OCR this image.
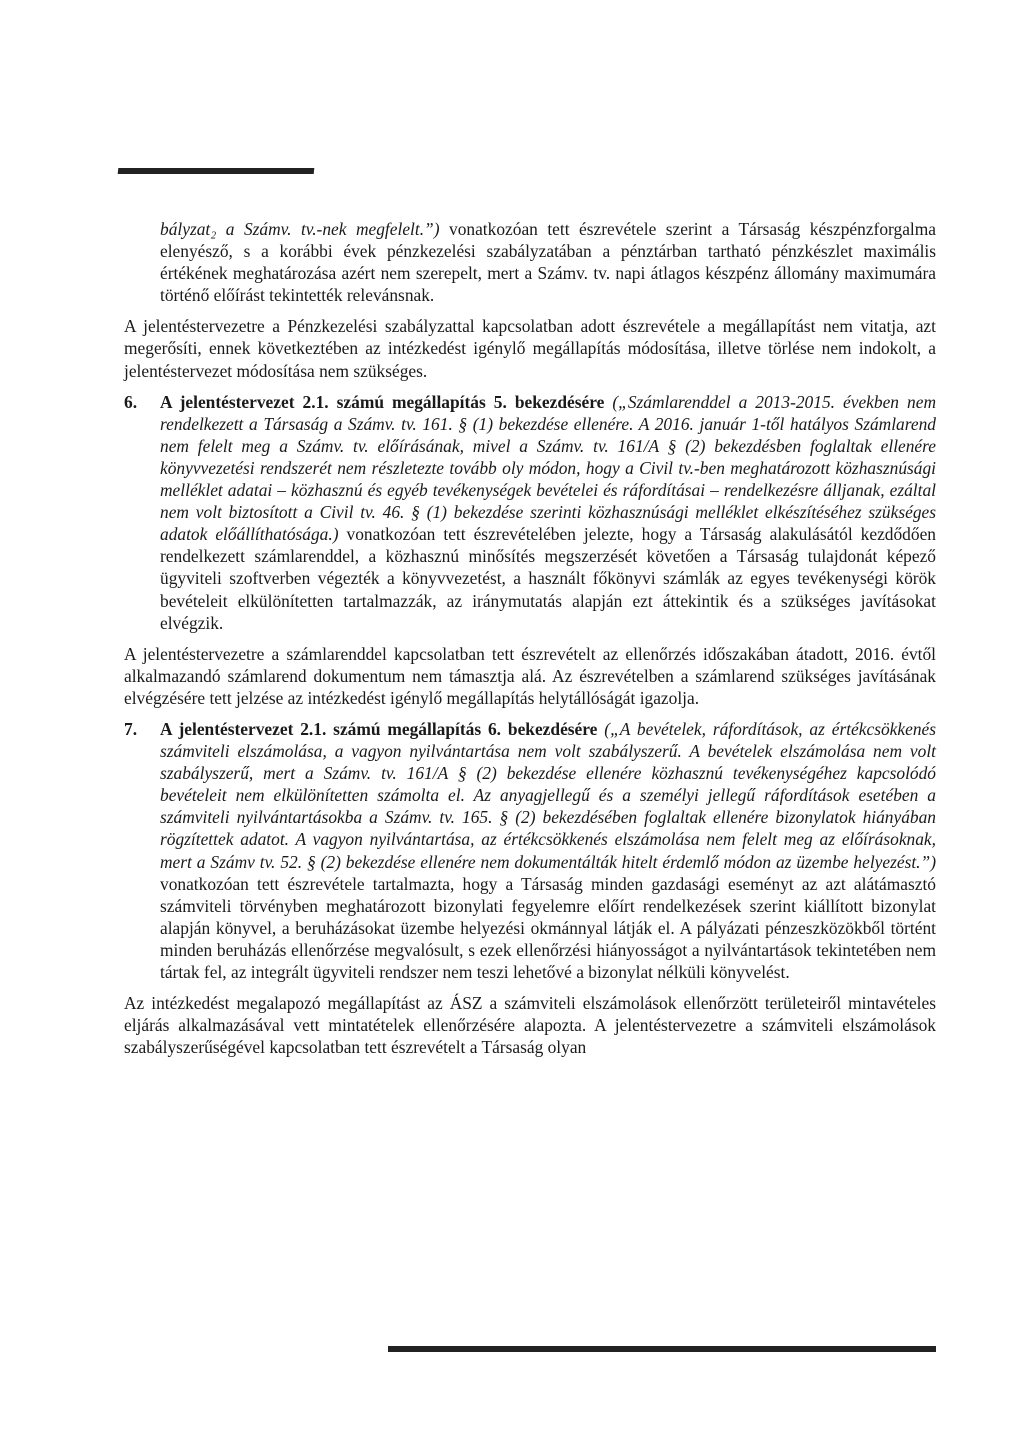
bályzat₂ a Számv. tv.-nek megfelelt.”) vonatkozóan tett észrevétele szerint a Társaság készpénzforgalma elenyésző, s a korábbi évek pénzkezelési szabályzatában a pénztárban tartható pénzkészlet maximális értékének meghatározása azért nem szerepelt, mert a Számv. tv. napi átlagos készpénz állomány maximumára történő előírást tekintették relevánsnak.

A jelentéstervezetre a Pénzkezelési szabályzattal kapcsolatban adott észrevétele a megállapítást nem vitatja, azt megerősíti, ennek következtében az intézkedést igénylő megállapítás módosítása, illetve törlése nem indokolt, a jelentéstervezet módosítása nem szükséges.

6. A jelentéstervezet 2.1. számú megállapítás 5. bekezdésére („Számlarenddel a 2013-2015. években nem rendelkezett a Társaság a Számv. tv. 161. § (1) bekezdése ellenére. A 2016. január 1-től hatályos Számlarend nem felelt meg a Számv. tv. előírásának, mivel a Számv. tv. 161/A § (2) bekezdésben foglaltak ellenére könyvvezetési rendszerét nem részletezte tovább oly módon, hogy a Civil tv.-ben meghatározott közhasznúsági melléklet adatai – közhasznú és egyéb tevékenységek bevételei és ráfordításai – rendelkezésre álljanak, ezáltal nem volt biztosított a Civil tv. 46. § (1) bekezdése szerinti közhasznúsági melléklet elkészítéséhez szükséges adatok előállíthatósága.) vonatkozóan tett észrevételében jelezte, hogy a Társaság alakulásától kezdődően rendelkezett számlarenddel, a közhasznú minősítés megszerzését követően a Társaság tulajdonát képező ügyviteli szoftverben végezték a könyvvezetést, a használt főkönyvi számlák az egyes tevékenységi körök bevételeit elkülönítetten tartalmazzák, az iránymutatás alapján ezt áttekintik és a szükséges javításokat elvégzik.

A jelentéstervezetre a számlarenddel kapcsolatban tett észrevételt az ellenőrzés időszakában átadott, 2016. évtől alkalmazandó számlarend dokumentum nem támasztja alá. Az észrevételben a számlarend szükséges javításának elvégzésére tett jelzése az intézkedést igénylő megállapítás helytállóságát igazolja.

7. A jelentéstervezet 2.1. számú megállapítás 6. bekezdésére („A bevételek, ráfordítások, az értékcsökkenés számviteli elszámolása, a vagyon nyilvántartása nem volt szabályszerű. A bevételek elszámolása nem volt szabályszerű, mert a Számv. tv. 161/A § (2) bekezdése ellenére közhasznú tevékenységéhez kapcsolódó bevételeit nem elkülönítetten számolta el. Az anyagjellegű és a személyi jellegű ráfordítások esetében a számviteli nyilvántartásokba a Számv. tv. 165. § (2) bekezdésében foglaltak ellenére bizonylatok hiányában rögzítettek adatot. A vagyon nyilvántartása, az értékcsökkenés elszámolása nem felelt meg az előírásoknak, mert a Számv tv. 52. § (2) bekezdése ellenére nem dokumentálták hitelt érdemlő módon az üzembe helyezést.”) vonatkozóan tett észrevétele tartalmazta, hogy a Társaság minden gazdasági eseményt az azt alátámasztó számviteli törvényben meghatározott bizonylati fegyelemre előírt rendelkezések szerint kiállított bizonylat alapján könyvel, a beruházásokat üzembe helyezési okmánnyal látják el. A pályázati pénzeszközökből történt minden beruházás ellenőrzése megvalósult, s ezek ellenőrzési hiányosságot a nyilvántartások tekintetében nem tártak fel, az integrált ügyviteli rendszer nem teszi lehetővé a bizonylat nélküli könyvelést.

Az intézkedést megalapozó megállapítást az ÁSZ a számviteli elszámolások ellenőrzött területeiről mintavételes eljárás alkalmazásával vett mintatételek ellenőrzésére alapozta. A jelentéstervezetre a számviteli elszámolások szabályszerűségével kapcsolatban tett észrevételt a Társaság olyan
